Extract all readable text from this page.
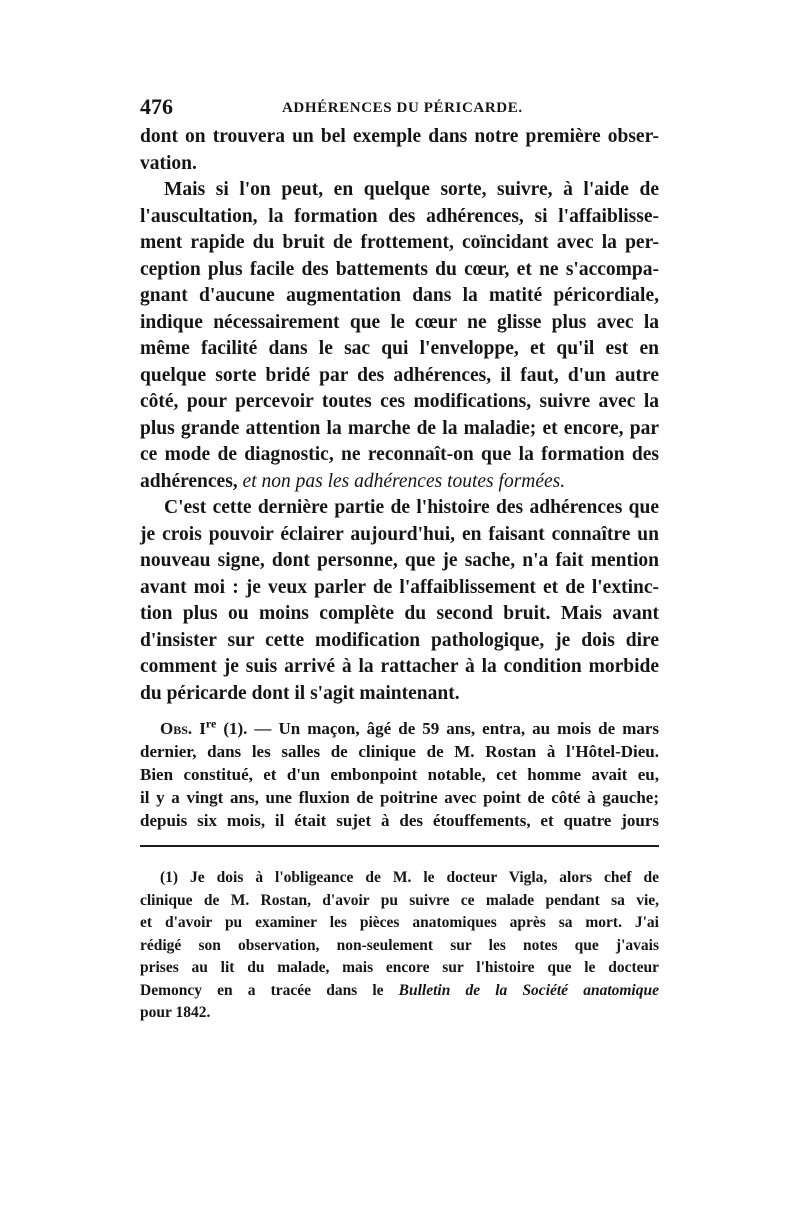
476	ADHÉRENCES DU PÉRICARDE.

dont on trouvera un bel exemple dans notre première obser-
vation.

Mais si l'on peut, en quelque sorte, suivre, à l'aide de
l'auscultation, la formation des adhérences, si l'affaiblisse-
ment rapide du bruit de frottement, coïncidant avec la per-
ception plus facile des battements du cœur, et ne s'accompa-
gnant d'aucune augmentation dans la matité péricordiale,
indique nécessairement que le cœur ne glisse plus avec la
même facilité dans le sac qui l'enveloppe, et qu'il est en
quelque sorte bridé par des adhérences, il faut, d'un autre
côté, pour percevoir toutes ces modifications, suivre avec la
plus grande attention la marche de la maladie; et encore, par
ce mode de diagnostic, ne reconnaît-on que la formation des
adhérences, et non pas les adhérences toutes formées.

C'est cette dernière partie de l'histoire des adhérences que
je crois pouvoir éclairer aujourd'hui, en faisant connaître un
nouveau signe, dont personne, que je sache, n'a fait mention
avant moi : je veux parler de l'affaiblissement et de l'extinc-
tion plus ou moins complète du second bruit. Mais avant
d'insister sur cette modification pathologique, je dois dire
comment je suis arrivé à la rattacher à la condition morbide
du péricarde dont il s'agit maintenant.

Obs. Ire (1). — Un maçon, âgé de 59 ans, entra, au mois de mars
dernier, dans les salles de clinique de M. Rostan à l'Hôtel-Dieu.
Bien constitué, et d'un embonpoint notable, cet homme avait eu,
il y a vingt ans, une fluxion de poitrine avec point de côté à gauche;
depuis six mois, il était sujet à des étouffements, et quatre jours
(1) Je dois à l'obligeance de M. le docteur Vigla, alors chef de
clinique de M. Rostan, d'avoir pu suivre ce malade pendant sa vie,
et d'avoir pu examiner les pièces anatomiques après sa mort. J'ai
rédigé son observation, non-seulement sur les notes que j'avais
prises au lit du malade, mais encore sur l'histoire que le docteur
Demoncy en a tracée dans le Bulletin de la Société anatomique
pour 1842.
